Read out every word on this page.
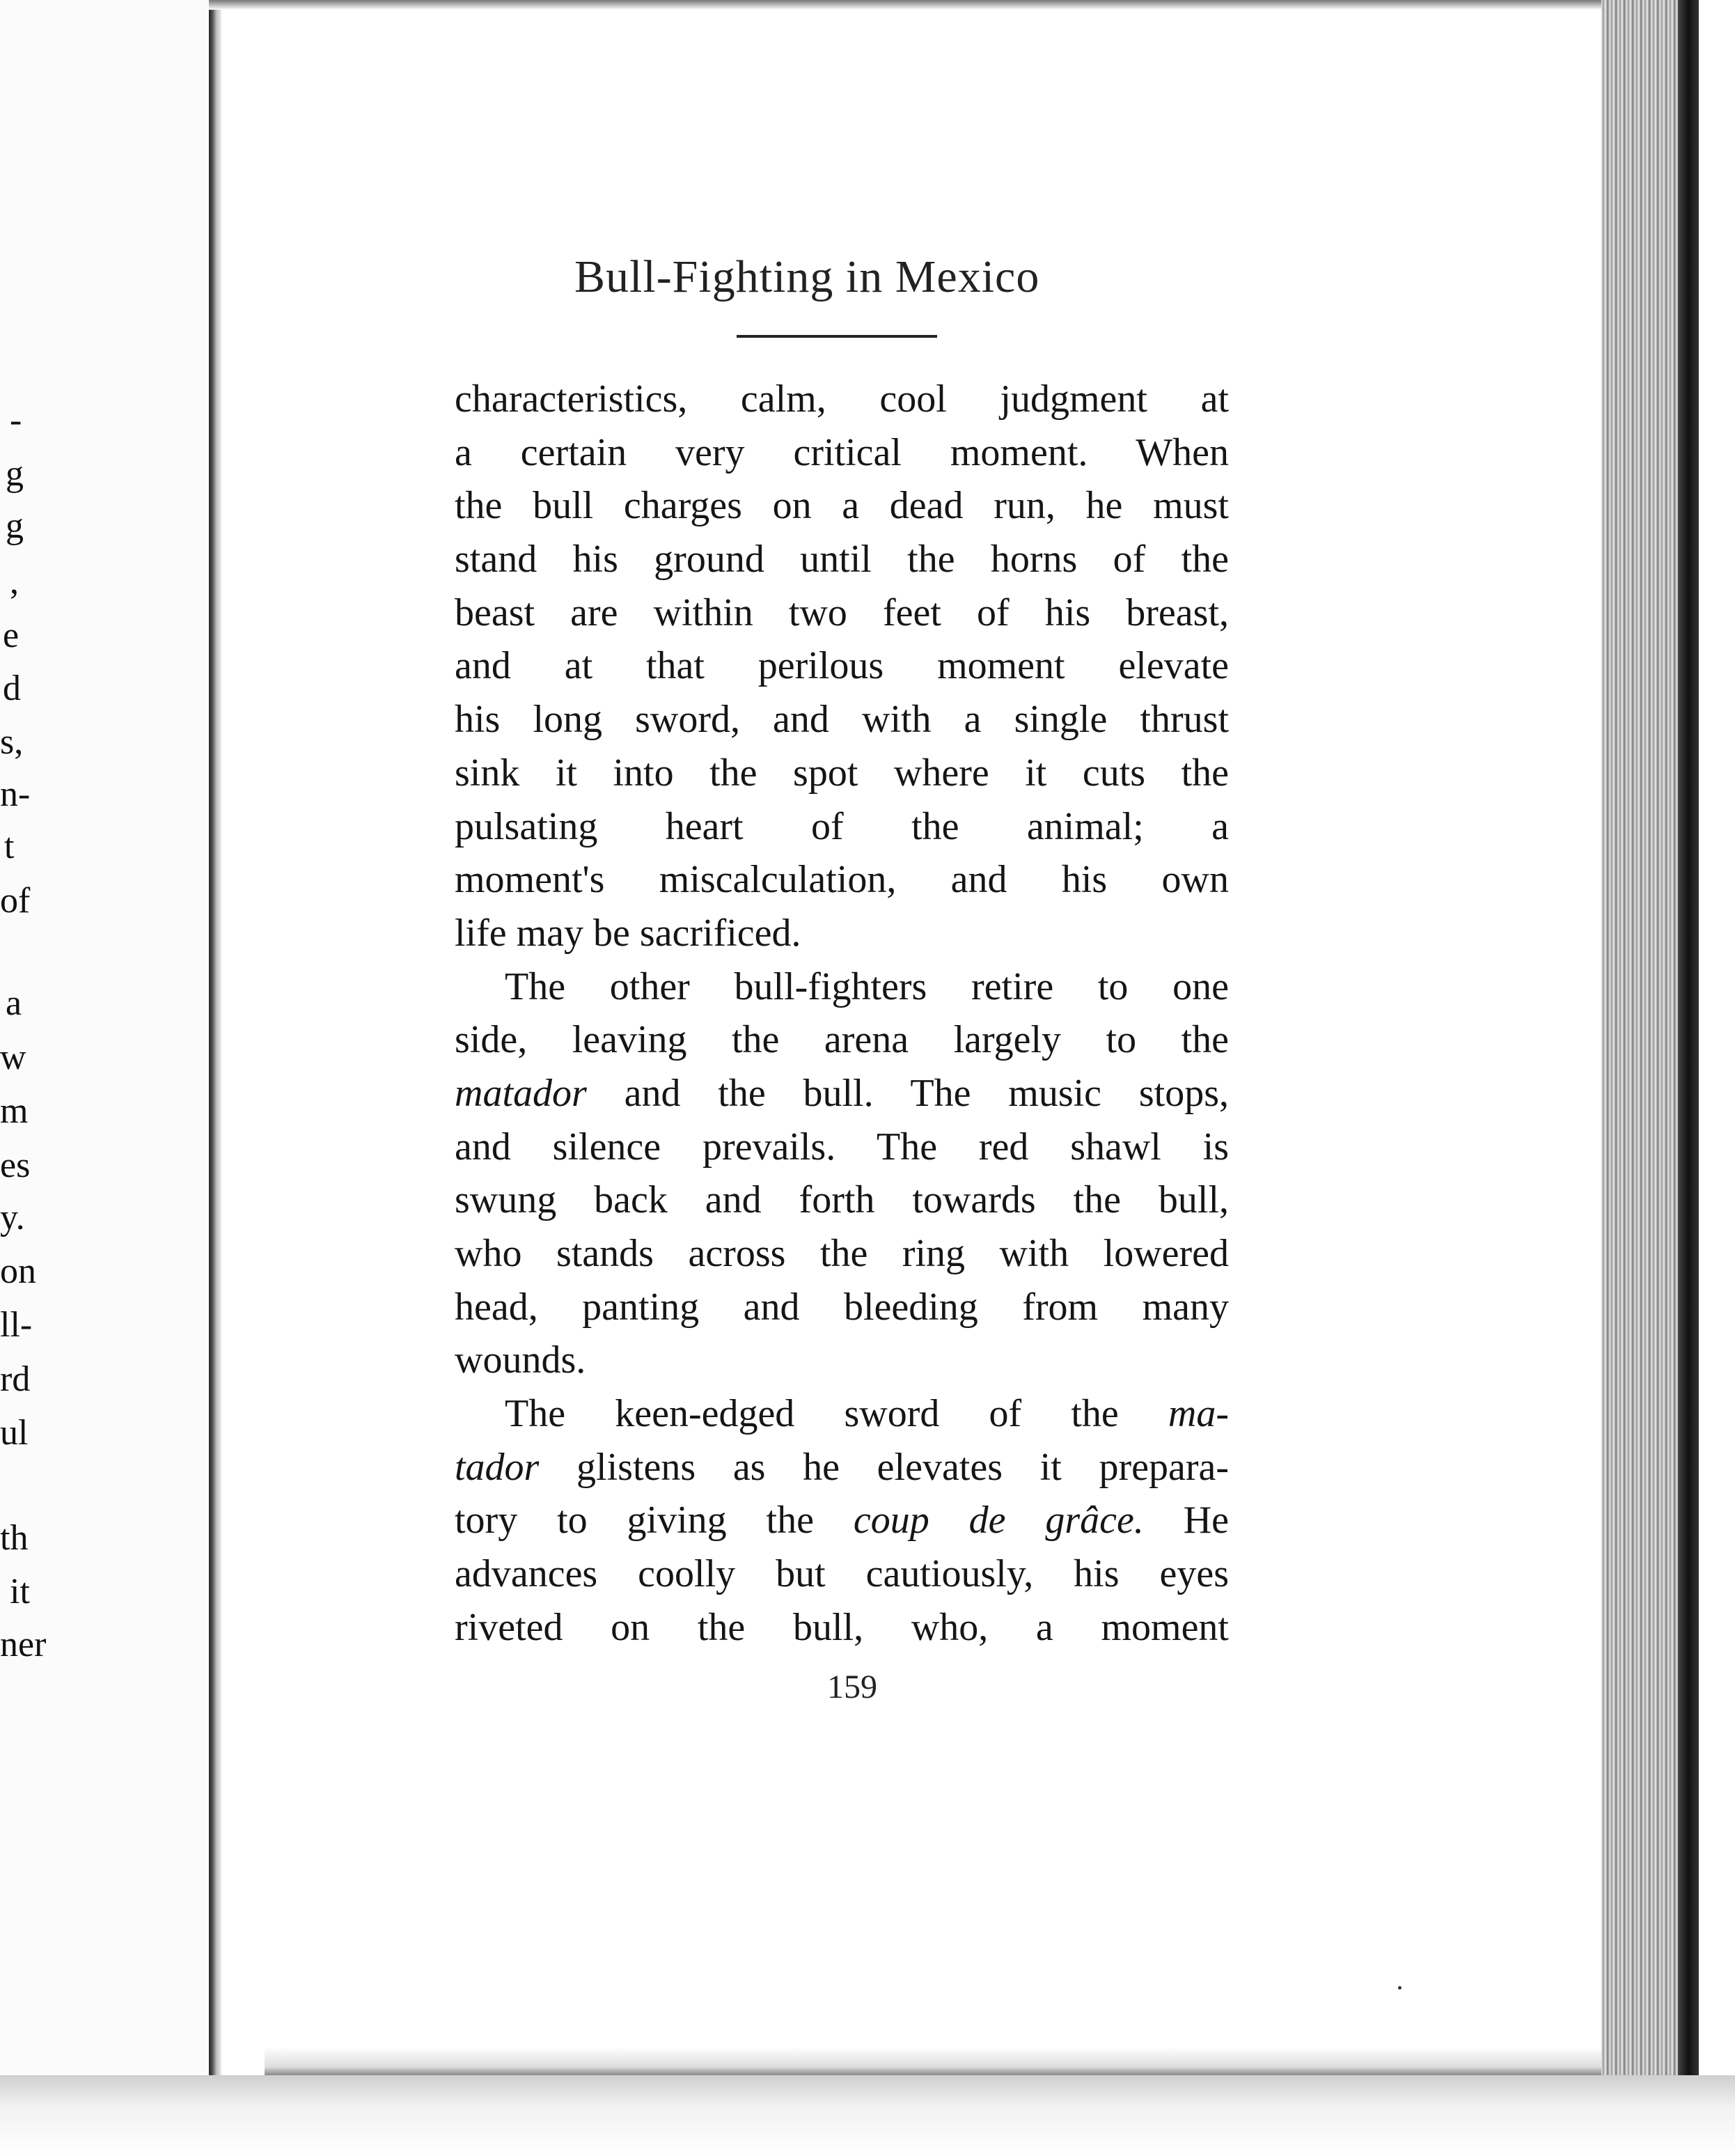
-
g
g
,
e
d
s,
n-
t
of
a
w
m
es
y.
on
ll-
rd
ul
th
it
ner
Bull-Fighting in Mexico
characteristics, calm, cool judgment at
a certain very critical moment. When
the bull charges on a dead run, he must
stand his ground until the horns of the
beast are within two feet of his breast,
and at that perilous moment elevate
his long sword, and with a single thrust
sink it into the spot where it cuts the
pulsating heart of the animal; a
moment's miscalculation, and his own
life may be sacrificed.
The other bull-fighters retire to one
side, leaving the arena largely to the
matador and the bull. The music stops,
and silence prevails. The red shawl is
swung back and forth towards the bull,
who stands across the ring with lowered
head, panting and bleeding from many
wounds.
The keen-edged sword of the ma-
tador glistens as he elevates it prepara-
tory to giving the coup de grâce. He
advances coolly but cautiously, his eyes
riveted on the bull, who, a moment
159
